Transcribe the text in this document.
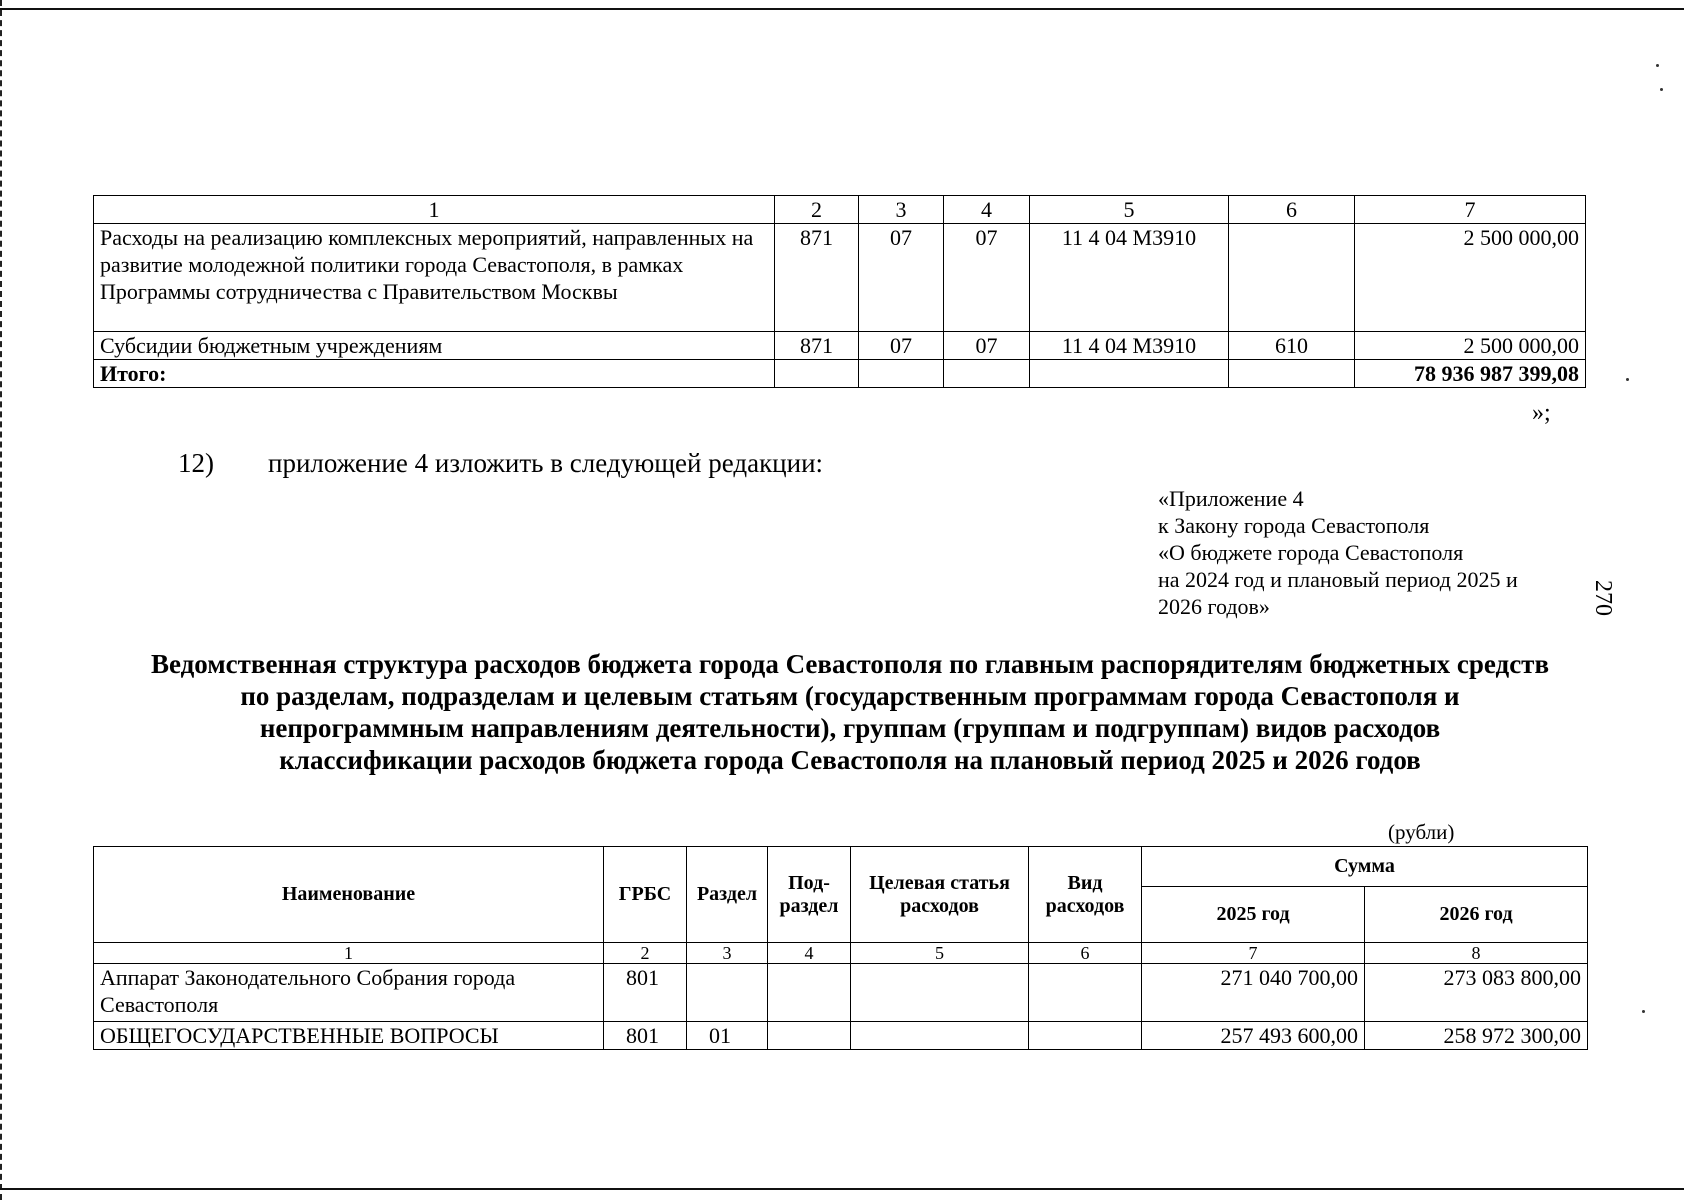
1	2	3	4	5	6	7
Расходы на реализацию комплексных мероприятий, направленных на развитие молодежной политики города Севастополя, в рамках Программы сотрудничества с Правительством Москвы	871	07	07	11 4 04 М3910		2 500 000,00
Субсидии бюджетным учреждениям	871	07	07	11 4 04 М3910	610	2 500 000,00
Итого:						78 936 987 399,08
»;
12) приложение 4 изложить в следующей редакции:
«Приложение 4
к Закону города Севастополя
«О бюджете города Севастополя
на 2024 год и плановый период 2025 и
2026 годов»	270
Ведомственная структура расходов бюджета города Севастополя по главным распорядителям бюджетных средств
по разделам, подразделам и целевым статьям (государственным программам города Севастополя и
непрограммным направлениям деятельности), группам (группам и подгруппам) видов расходов
классификации расходов бюджета города Севастополя на плановый период 2025 и 2026 годов
(рубли)
Наименование	ГРБС	Раздел	Под-раздел	Целевая статья расходов	Вид расходов	Сумма	
						2025 год	2026 год
1	2	3	4	5	6	7	8
Аппарат Законодательного Собрания города Севастополя	801					271 040 700,00	273 083 800,00
ОБЩЕГОСУДАРСТВЕННЫЕ ВОПРОСЫ	801	01				257 493 600,00	258 972 300,00
